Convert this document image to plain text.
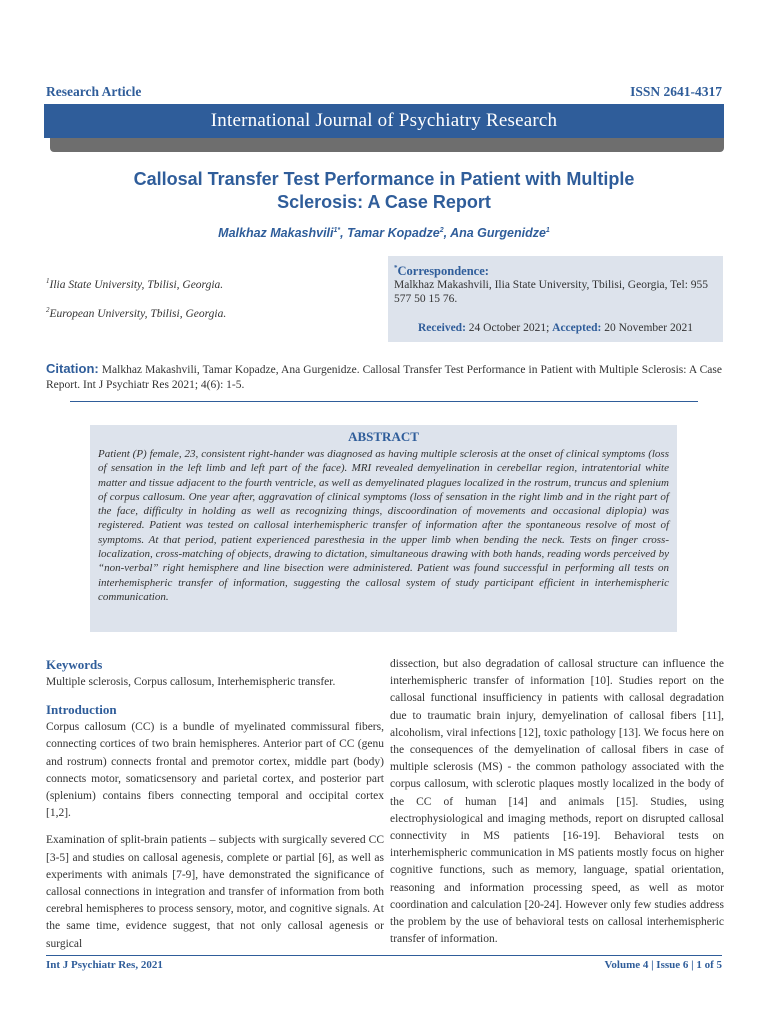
Research Article	ISSN 2641-4317
International Journal of Psychiatry Research
Callosal Transfer Test Performance in Patient with Multiple
Sclerosis: A Case Report
Malkhaz Makashvili$^{1*}$, Tamar Kopadze$^2$, Ana Gurgenidze$^1$
$^1$Ilia State University, Tbilisi, Georgia.
$^2$European University, Tbilisi, Georgia.
*Correspondence:
Malkhaz Makashvili, Ilia State University, Tbilisi, Georgia, Tel: 955 577 50 15 76.
Received: 24 October 2021; Accepted: 20 November 2021
Citation: Malkhaz Makashvili, Tamar Kopadze, Ana Gurgenidze. Callosal Transfer Test Performance in Patient with Multiple Sclerosis: A Case Report. Int J Psychiatr Res 2021; 4(6): 1-5.
ABSTRACT
Patient (P) female, 23, consistent right-hander was diagnosed as having multiple sclerosis at the onset of clinical symptoms (loss of sensation in the left limb and left part of the face). MRI revealed demyelination in cerebellar region, intratentorial white matter and tissue adjacent to the fourth ventricle, as well as demyelinated plagues localized in the rostrum, truncus and splenium of corpus callosum. One year after, aggravation of clinical symptoms (loss of sensation in the right limb and in the right part of the face, difficulty in holding as well as recognizing things, discoordination of movements and occasional diplopia) was registered. Patient was tested on callosal interhemispheric transfer of information after the spontaneous resolve of most of symptoms. At that period, patient experienced paresthesia in the upper limb when bending the neck. Tests on finger cross- localization, cross-matching of objects, drawing to dictation, simultaneous drawing with both hands, reading words perceived by “non-verbal” right hemisphere and line bisection were administered. Patient was found successful in performing all tests on interhemispheric transfer of information, suggesting the callosal system of study participant efficient in interhemispheric communication.
Keywords
Multiple sclerosis, Corpus callosum, Interhemispheric transfer.
Introduction
Corpus callosum (CC) is a bundle of myelinated commissural fibers, connecting cortices of two brain hemispheres. Anterior part of CC (genu and rostrum) connects frontal and premotor cortex, middle part (body) connects motor, somaticsensory and parietal cortex, and posterior part (splenium) contains fibers connecting temporal and occipital cortex [1,2].
Examination of split-brain patients – subjects with surgically severed CC [3-5] and studies on callosal agenesis, complete or partial [6], as well as experiments with animals [7-9], have demonstrated the significance of callosal connections in integration and transfer of information from both cerebral hemispheres to process sensory, motor, and cognitive signals. At the same time, evidence suggest, that not only callosal agenesis or surgical
dissection, but also degradation of callosal structure can influence the interhemispheric transfer of information [10]. Studies report on the callosal functional insufficiency in patients with callosal degradation due to traumatic brain injury, demyelination of callosal fibers [11], alcoholism, viral infections [12], toxic pathology [13]. We focus here on the consequences of the demyelination of callosal fibers in case of multiple sclerosis (MS) - the common pathology associated with the corpus callosum, with sclerotic plaques mostly localized in the body of the CC of human [14] and animals [15]. Studies, using electrophysiological and imaging methods, report on disrupted callosal connectivity in MS patients [16-19]. Behavioral tests on interhemispheric communication in MS patients mostly focus on higher cognitive functions, such as memory, language, spatial orientation, reasoning and information processing speed, as well as motor coordination and calculation [20-24]. However only few studies address the problem by the use of behavioral tests on callosal interhemispheric transfer of information.
Int J Psychiatr Res, 2021	Volume 4 | Issue 6 | 1 of 5
